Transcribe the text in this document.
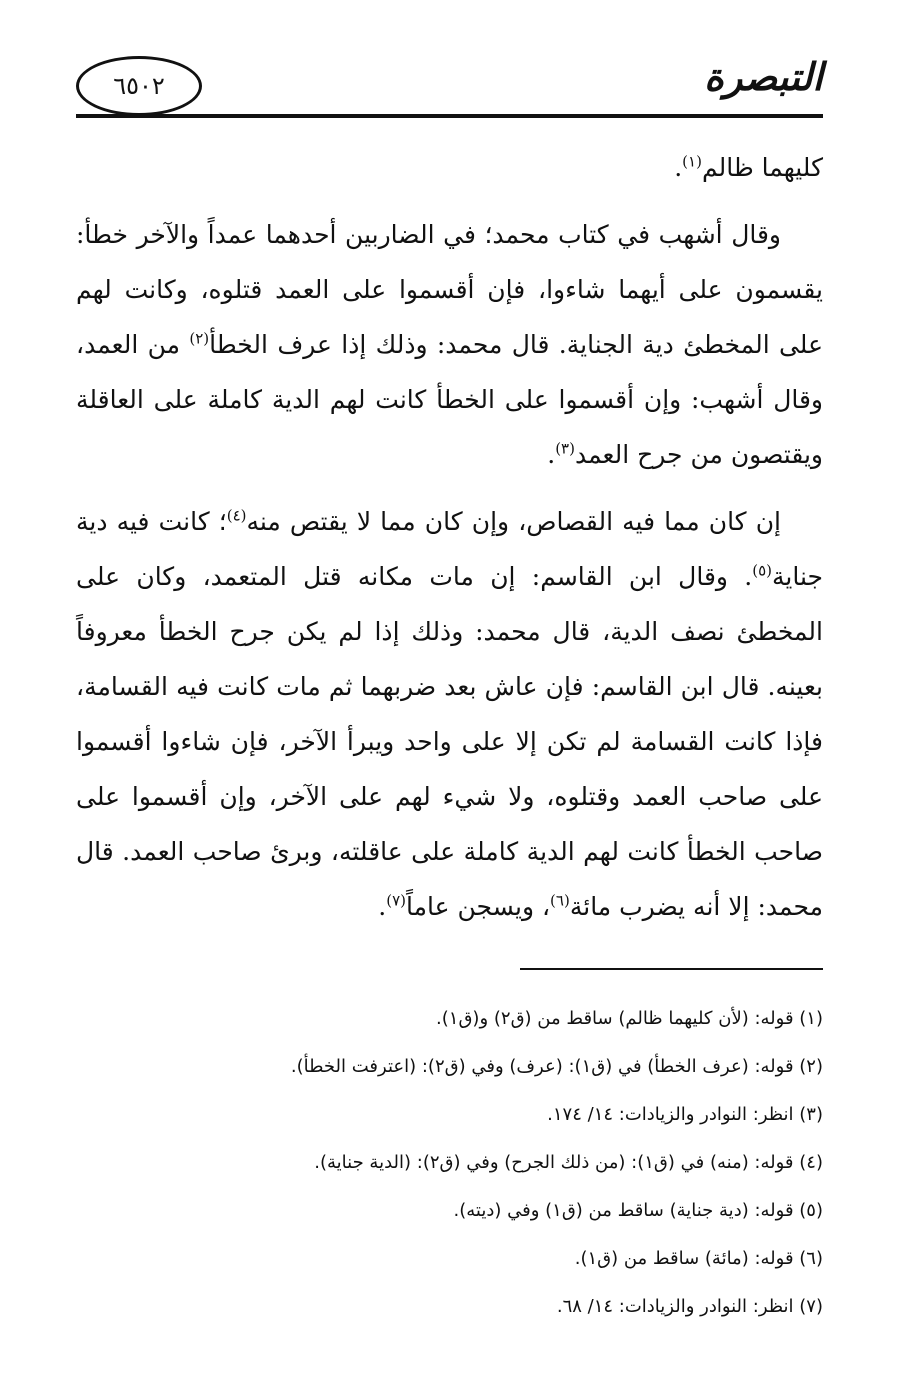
٦٥٠٢	التبصرة

كليهما ظالم$^{(١)}$.

وقال أشهب في كتاب محمد؛ في الضاربين أحدهما عمداً والآخر خطأ: يقسمون على أيهما شاءوا، فإن أقسموا على العمد قتلوه، وكانت لهم على المخطئ دية الجناية. قال محمد: وذلك إذا عرف الخطأ$^{(٢)}$ من العمد، وقال أشهب: وإن أقسموا على الخطأ كانت لهم الدية كاملة على العاقلة ويقتصون من جرح العمد$^{(٣)}$.

إن كان مما فيه القصاص، وإن كان مما لا يقتص منه$^{(٤)}$؛ كانت فيه دية جناية$^{(٥)}$. وقال ابن القاسم: إن مات مكانه قتل المتعمد، وكان على المخطئ نصف الدية، قال محمد: وذلك إذا لم يكن جرح الخطأ معروفاً بعينه. قال ابن القاسم: فإن عاش بعد ضربهما ثم مات كانت فيه القسامة، فإذا كانت القسامة لم تكن إلا على واحد ويبرأ الآخر، فإن شاءوا أقسموا على صاحب العمد وقتلوه، ولا شيء لهم على الآخر، وإن أقسموا على صاحب الخطأ كانت لهم الدية كاملة على عاقلته، وبرئ صاحب العمد. قال محمد: إلا أنه يضرب مائة$^{(٦)}$، ويسجن عاماً$^{(٧)}$.

(١) قوله: (لأن كليهما ظالم) ساقط من (ق٢) و(ق١).
(٢) قوله: (عرف الخطأ) في (ق١): (عرف) وفي (ق٢): (اعترفت الخطأ).
(٣) انظر: النوادر والزيادات: ١٤/ ١٧٤.
(٤) قوله: (منه) في (ق١): (من ذلك الجرح) وفي (ق٢): (الدية جناية).
(٥) قوله: (دية جناية) ساقط من (ق١) وفي (ديته).
(٦) قوله: (مائة) ساقط من (ق١).
(٧) انظر: النوادر والزيادات: ١٤/ ٦٨.
